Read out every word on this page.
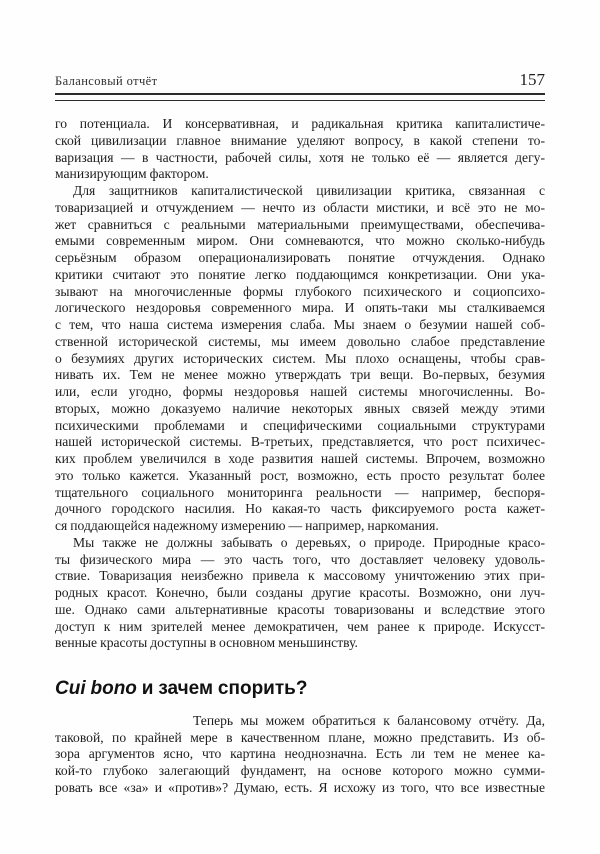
Балансовый отчёт	157
го потенциала. И консервативная, и радикальная критика капиталистиче-
ской цивилизации главное внимание уделяют вопросу, в какой степени то-
варизация — в частности, рабочей силы, хотя не только её — является дегу-
манизирующим фактором.
Для защитников капиталистической цивилизации критика, связанная с
товаризацией и отчуждением — нечто из области мистики, и всё это не мо-
жет сравниться с реальными материальными преимуществами, обеспечива-
емыми современным миром. Они сомневаются, что можно сколько-нибудь
серьёзным образом операционализировать понятие отчуждения. Однако
критики считают это понятие легко поддающимся конкретизации. Они ука-
зывают на многочисленные формы глубокого психического и социопсихо-
логического нездоровья современного мира. И опять-таки мы сталкиваемся
с тем, что наша система измерения слаба. Мы знаем о безумии нашей соб-
ственной исторической системы, мы имеем довольно слабое представление
о безумиях других исторических систем. Мы плохо оснащены, чтобы срав-
нивать их. Тем не менее можно утверждать три вещи. Во-первых, безумия
или, если угодно, формы нездоровья нашей системы многочисленны. Во-
вторых, можно доказуемо наличие некоторых явных связей между этими
психическими проблемами и специфическими социальными структурами
нашей исторической системы. В-третьих, представляется, что рост психичес-
ких проблем увеличился в ходе развития нашей системы. Впрочем, возможно
это только кажется. Указанный рост, возможно, есть просто результат более
тщательного социального мониторинга реальности — например, беспоря-
дочного городского насилия. Но какая-то часть фиксируемого роста кажет-
ся поддающейся надежному измерению — например, наркомания.
Мы также не должны забывать о деревьях, о природе. Природные красо-
ты физического мира — это часть того, что доставляет человеку удоволь-
ствие. Товаризация неизбежно привела к массовому уничтожению этих при-
родных красот. Конечно, были созданы другие красоты. Возможно, они луч-
ше. Однако сами альтернативные красоты товаризованы и вследствие этого
доступ к ним зрителей менее демократичен, чем ранее к природе. Искусст-
венные красоты доступны в основном меньшинству.
Cui bono и зачем спорить?
Теперь мы можем обратиться к балансовому отчёту. Да,
таковой, по крайней мере в качественном плане, можно представить. Из об-
зора аргументов ясно, что картина неоднозначна. Есть ли тем не менее ка-
кой-то глубоко залегающий фундамент, на основе которого можно сумми-
ровать все «за» и «против»? Думаю, есть. Я исхожу из того, что все известные
